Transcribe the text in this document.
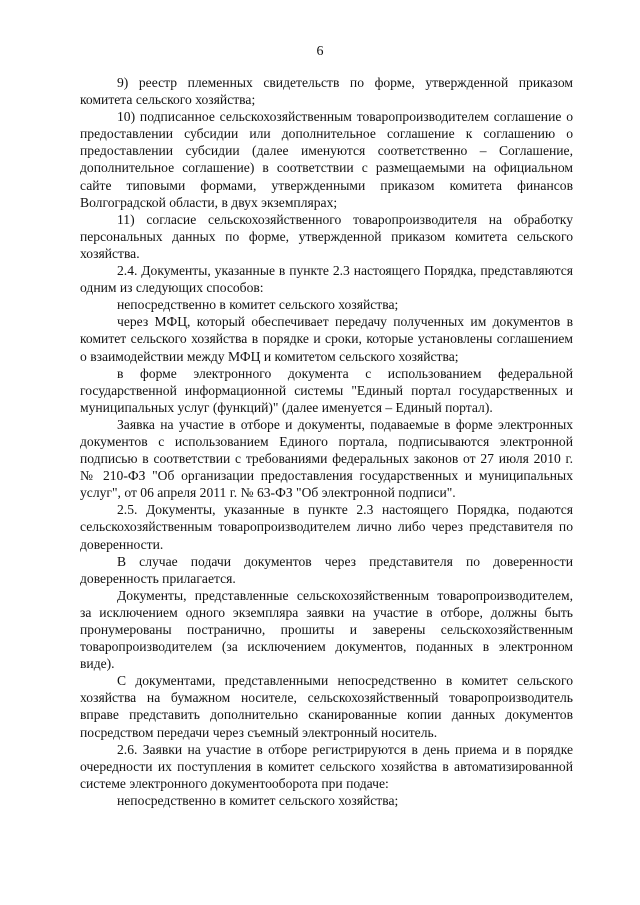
6

9) реестр племенных свидетельств по форме, утвержденной приказом комитета сельского хозяйства;

10) подписанное сельскохозяйственным товаропроизводителем соглашение о предоставлении субсидии или дополнительное соглашение к соглашению о предоставлении субсидии (далее именуются соответственно – Соглашение, дополнительное соглашение) в соответствии с размещаемыми на официальном сайте типовыми формами, утвержденными приказом комитета финансов Волгоградской области, в двух экземплярах;

11) согласие сельскохозяйственного товаропроизводителя на обработку персональных данных по форме, утвержденной приказом комитета сельского хозяйства.

2.4. Документы, указанные в пункте 2.3 настоящего Порядка, представляются одним из следующих способов:

непосредственно в комитет сельского хозяйства;

через МФЦ, который обеспечивает передачу полученных им документов в комитет сельского хозяйства в порядке и сроки, которые установлены соглашением о взаимодействии между МФЦ и комитетом сельского хозяйства;

в форме электронного документа с использованием федеральной государственной информационной системы "Единый портал государственных и муниципальных услуг (функций)" (далее именуется – Единый портал).

Заявка на участие в отборе и документы, подаваемые в форме электронных документов с использованием Единого портала, подписываются электронной подписью в соответствии с требованиями федеральных законов от 27 июля 2010 г. № 210-ФЗ "Об организации предоставления государственных и муниципальных услуг", от 06 апреля 2011 г. № 63-ФЗ "Об электронной подписи".

2.5. Документы, указанные в пункте 2.3 настоящего Порядка, подаются сельскохозяйственным товаропроизводителем лично либо через представителя по доверенности.

В случае подачи документов через представителя по доверенности доверенность прилагается.

Документы, представленные сельскохозяйственным товаропроизводителем, за исключением одного экземпляра заявки на участие в отборе, должны быть пронумерованы постранично, прошиты и заверены сельскохозяйственным товаропроизводителем (за исключением документов, поданных в электронном виде).

С документами, представленными непосредственно в комитет сельского хозяйства на бумажном носителе, сельскохозяйственный товаропроизводитель вправе представить дополнительно сканированные копии данных документов посредством передачи через съемный электронный носитель.

2.6. Заявки на участие в отборе регистрируются в день приема и в порядке очередности их поступления в комитет сельского хозяйства в автоматизированной системе электронного документооборота при подаче:

непосредственно в комитет сельского хозяйства;
